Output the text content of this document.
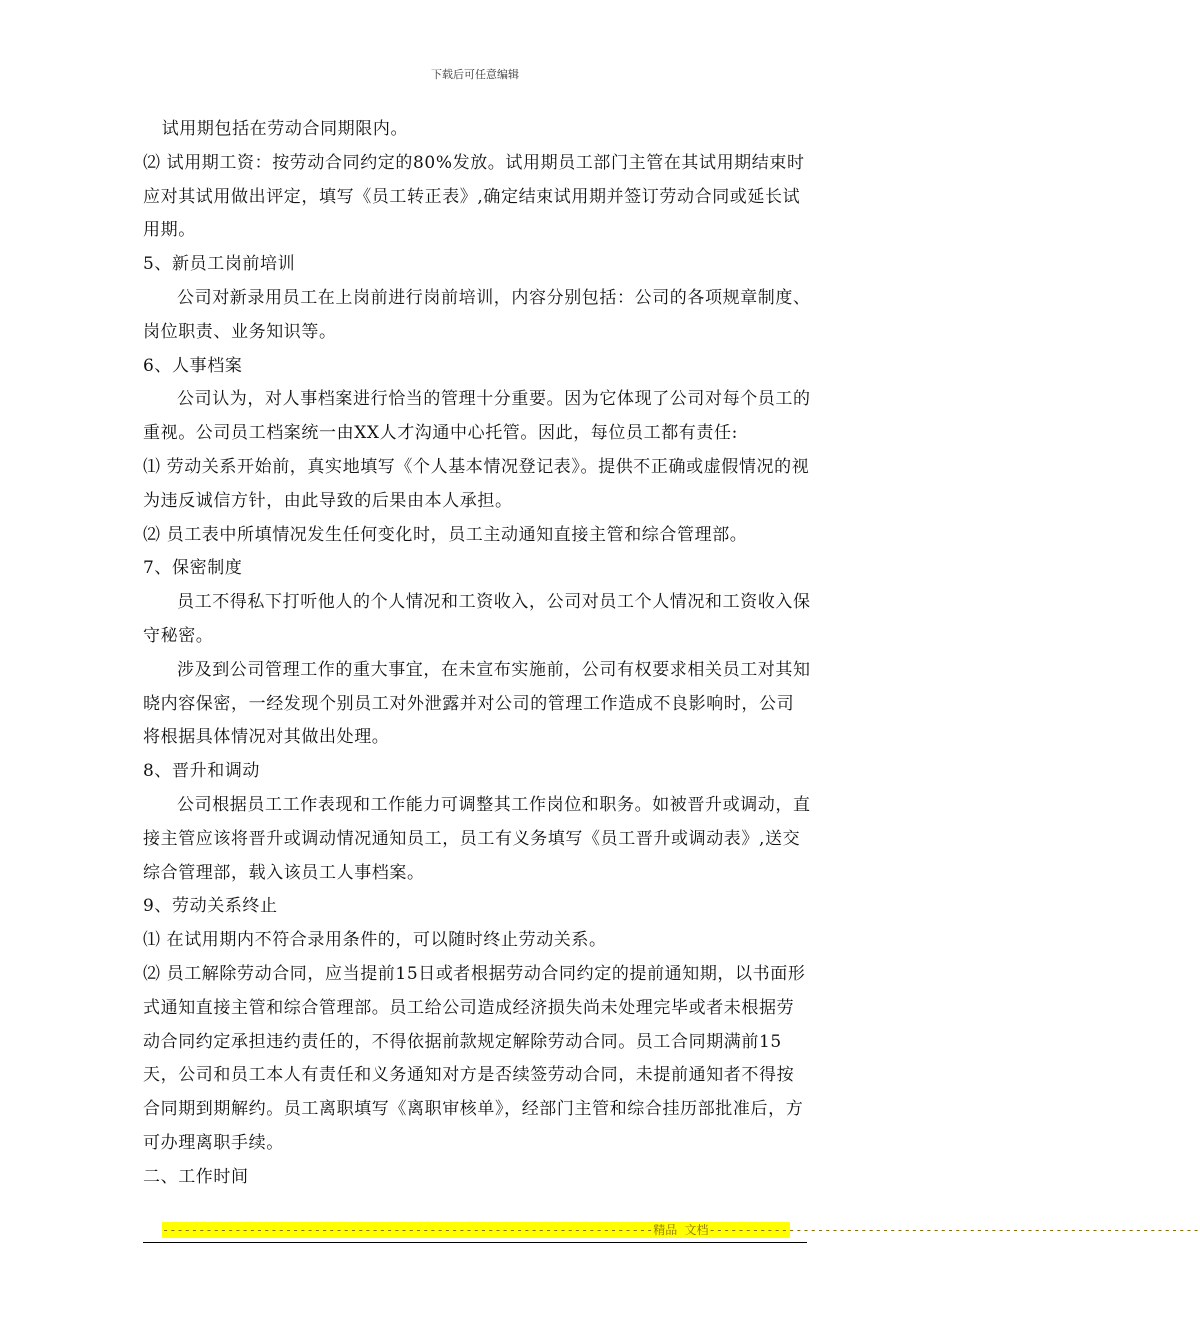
下载后可任意编辑

试用期包括在劳动合同期限内。

⑵ 试用期工资：按劳动合同约定的80%发放。试用期员工部门主管在其试用期结束时应对其试用做出评定，填写《员工转正表》,确定结束试用期并签订劳动合同或延长试用期。

5、新员工岗前培训

公司对新录用员工在上岗前进行岗前培训，内容分别包括：公司的各项规章制度、岗位职责、业务知识等。

6、人事档案

公司认为，对人事档案进行恰当的管理十分重要。因为它体现了公司对每个员工的重视。公司员工档案统一由XX人才沟通中心托管。因此，每位员工都有责任:

⑴ 劳动关系开始前，真实地填写《个人基本情况登记表》。提供不正确或虚假情况的视为违反诚信方针，由此导致的后果由本人承担。

⑵ 员工表中所填情况发生任何变化时，员工主动通知直接主管和综合管理部。

7、保密制度

员工不得私下打听他人的个人情况和工资收入，公司对员工个人情况和工资收入保守秘密。

涉及到公司管理工作的重大事宜，在未宣布实施前，公司有权要求相关员工对其知晓内容保密，一经发现个别员工对外泄露并对公司的管理工作造成不良影响时，公司将根据具体情况对其做出处理。

8、晋升和调动

公司根据员工工作表现和工作能力可调整其工作岗位和职务。如被晋升或调动，直接主管应该将晋升或调动情况通知员工，员工有义务填写《员工晋升或调动表》,送交综合管理部，载入该员工人事档案。

9、劳动关系终止

⑴ 在试用期内不符合录用条件的，可以随时终止劳动关系。

⑵ 员工解除劳动合同，应当提前15日或者根据劳动合同约定的提前通知期，以书面形式通知直接主管和综合管理部。员工给公司造成经济损失尚未处理完毕或者未根据劳动合同约定承担违约责任的，不得依据前款规定解除劳动合同。员工合同期满前15天，公司和员工本人有责任和义务通知对方是否续签劳动合同，未提前通知者不得按合同期到期解约。员工离职填写《离职审核单》，经部门主管和综合挂历部批准后，方可办理离职手续。

二、工作时间

--------------------------------------------------------------------精品 文档--------------------------------------------------------------------
